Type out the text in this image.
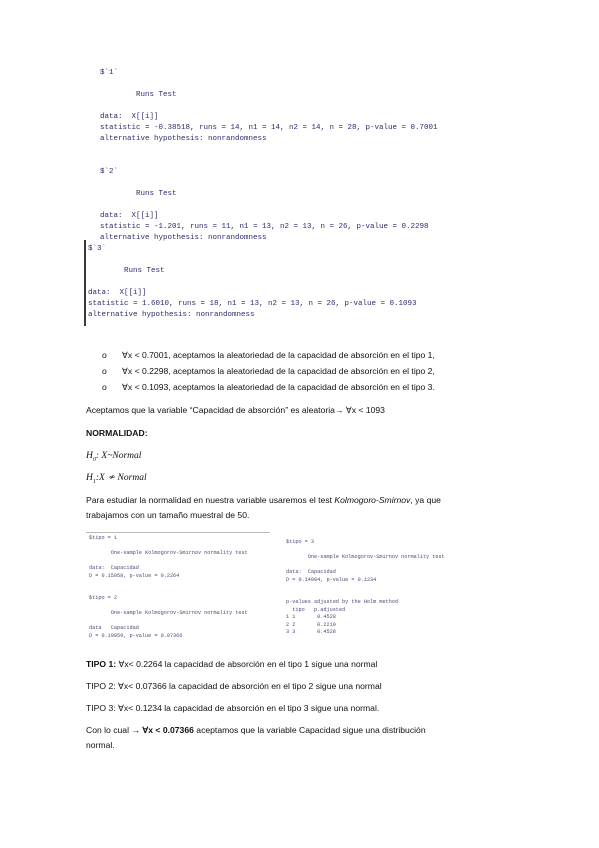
$`1`

Runs Test

data:  X[[i]]
statistic = -0.38518, runs = 14, n1 = 14, n2 = 14, n = 28, p-value = 0.7001
alternative hypothesis: nonrandomness

$`2`

Runs Test

data:  X[[i]]
statistic = -1.201, runs = 11, n1 = 13, n2 = 13, n = 26, p-value = 0.2298
alternative hypothesis: nonrandomness
$`3`

Runs Test

data:  X[[i]]
statistic = 1.6010, runs = 18, n1 = 13, n2 = 13, n = 26, p-value = 0.1093
alternative hypothesis: nonrandomness
o ∀x < 0.7001, aceptamos la aleatoriedad de la capacidad de absorción en el tipo 1,
o ∀x < 0.2298, aceptamos la aleatoriedad de la capacidad de absorción en el tipo 2,
o ∀x < 0.1093, aceptamos la aleatoriedad de la capacidad de absorción en el tipo 3.
Aceptamos que la variable “Capacidad de absorción” es aleatoria→ ∀x < 1093
NORMALIDAD:
$H_0$: X~Normal
$H_1:X$ ≁ Normal
Para estudiar la normalidad en nuestra variable usaremos el test Kolmogoro-Smirnov, ya que
trabajamos con un tamaño muestral de 50.
$tipo = 1

One-sample Kolmogorov-Smirnov normality test

data:  Capacidad
D = 0.15958, p-value = 0.2264

$tipo = 2

One-sample Kolmogorov-Smirnov normality test

data   Capacidad
D = 0.19959, p-value = 0.07366
$tipo = 3

One-sample Kolmogorov-Smirnov normality test

data:  Capacidad
D = 0.14994, p-value = 0.1234

p-values adjusted by the Holm method
tipo   p.adjusted
1 1       0.4528
2 2       0.2210
3 3       0.4528
TIPO 1: ∀x< 0.2264 la capacidad de absorción en el tipo 1 sigue una normal
TIPO 2: ∀x< 0.07366 la capacidad de absorción en el tipo 2 sigue una normal
TIPO 3: ∀x< 0.1234 la capacidad de absorción en el tipo 3 sigue una normal.
Con lo cual → ∀x < 0.07366 aceptamos que la variable Capacidad sigue una distribución
normal.
